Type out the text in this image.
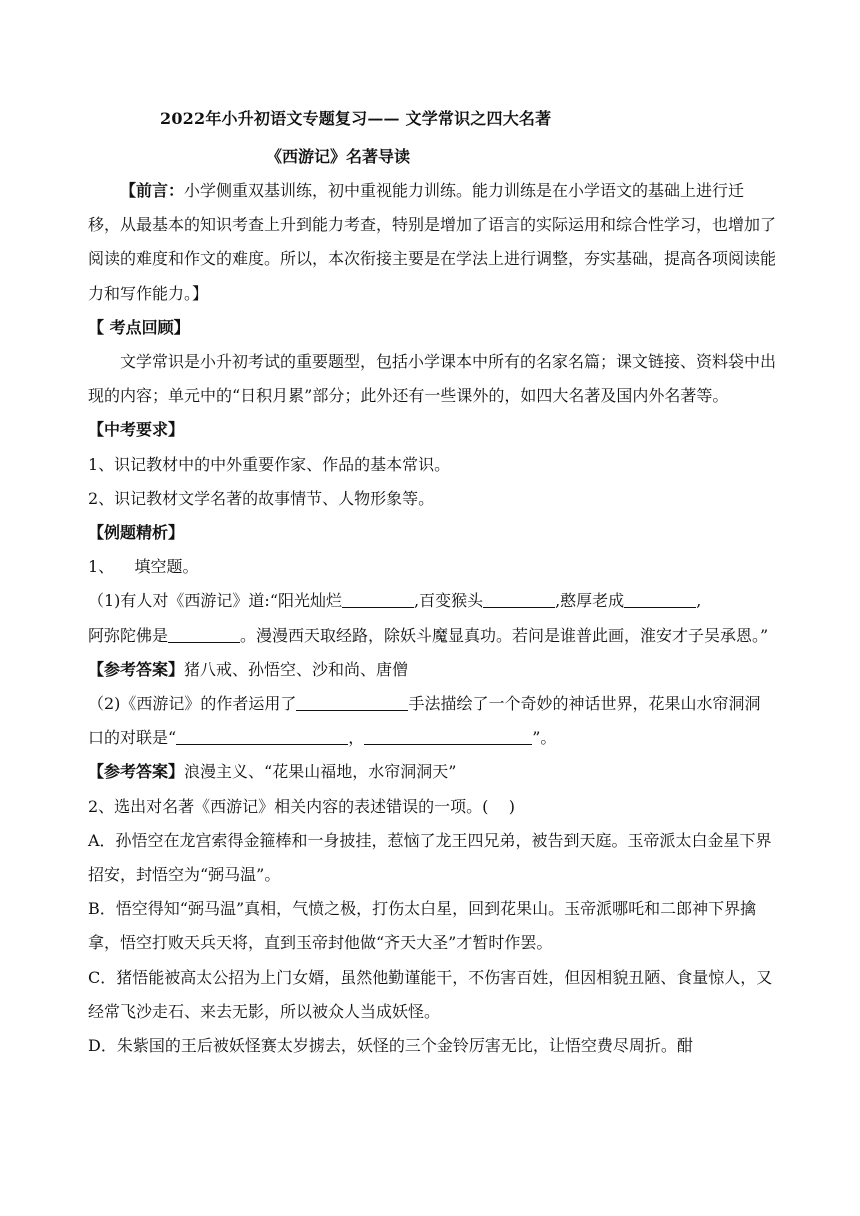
2022年小升初语文专题复习—— 文学常识之四大名著
《西游记》名著导读

【前言：小学侧重双基训练，初中重视能力训练。能力训练是在小学语文的基础上进行迁移，从最基本的知识考查上升到能力考查，特别是增加了语言的实际运用和综合性学习，也增加了阅读的难度和作文的难度。所以，本次衔接主要是在学法上进行调整，夯实基础，提高各项阅读能力和写作能力。】

【 考点回顾】

文学常识是小升初考试的重要题型，包括小学课本中所有的名家名篇；课文链接、资料袋中出现的内容；单元中的“日积月累”部分；此外还有一些课外的，如四大名著及国内外名著等。

【中考要求】

1、识记教材中的中外重要作家、作品的基本常识。

2、识记教材文学名著的故事情节、人物形象等。

【例题精析】

1、    填空题。

（1)有人对《西游记》道:“阳光灿烂	,百变猴头	,憨厚老成	,
阿弥陀佛是	。漫漫西天取经路，除妖斗魔显真功。若问是谁普此画，淮安才子吴承恩。”

【参考答案】猪八戒、孙悟空、沙和尚、唐僧

（2)《西游记》的作者运用了	手法描绘了一个奇妙的神话世界，花果山水帘洞洞口的对联是“	，	”。

【参考答案】浪漫主义、“花果山福地，水帘洞洞天”

2、选出对名著《西游记》相关内容的表述错误的一项。(    )

A．孙悟空在龙宫索得金箍棒和一身披挂，惹恼了龙王四兄弟，被告到天庭。玉帝派太白金星下界招安，封悟空为“弼马温”。

B．悟空得知“弼马温”真相，气愤之极，打伤太白星，回到花果山。玉帝派哪吒和二郎神下界擒拿，悟空打败天兵天将，直到玉帝封他做“齐天大圣”才暂时作罢。

C．猪悟能被高太公招为上门女婿，虽然他勤谨能干，不伤害百姓，但因相貌丑陋、食量惊人，又经常飞沙走石、来去无影，所以被众人当成妖怪。

D．朱紫国的王后被妖怪赛太岁掳去，妖怪的三个金铃厉害无比，让悟空费尽周折。酣
